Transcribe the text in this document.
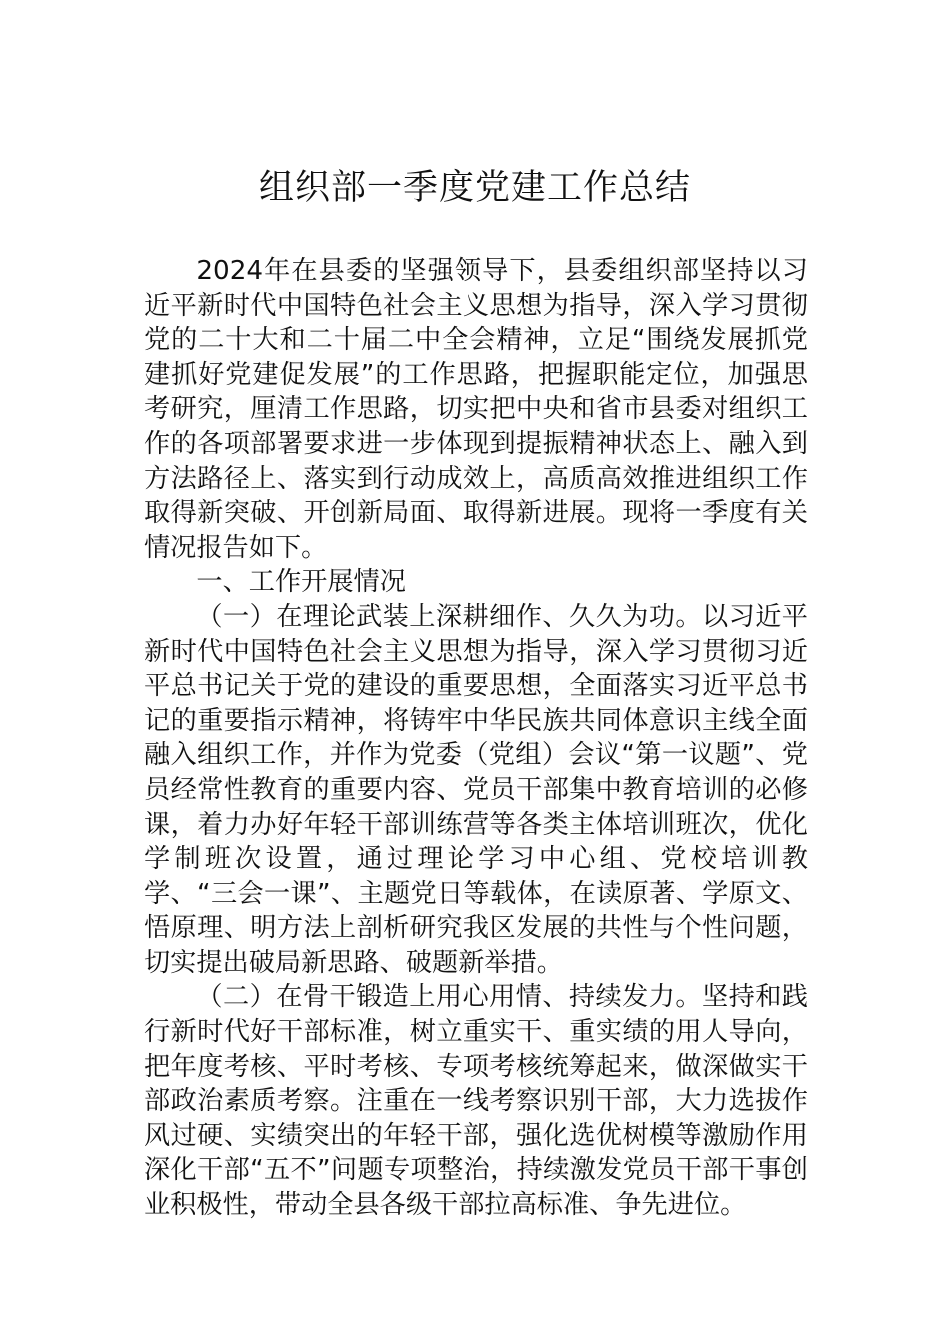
组织部一季度党建工作总结

2024年在县委的坚强领导下，县委组织部坚持以习近平新时代中国特色社会主义思想为指导，深入学习贯彻党的二十大和二十届二中全会精神，立足“围绕发展抓党建抓好党建促发展”的工作思路，把握职能定位，加强思考研究，厘清工作思路，切实把中央和省市县委对组织工作的各项部署要求进一步体现到提振精神状态上、融入到方法路径上、落实到行动成效上，高质高效推进组织工作取得新突破、开创新局面、取得新进展。现将一季度有关情况报告如下。

一、工作开展情况

（一）在理论武装上深耕细作、久久为功。以习近平新时代中国特色社会主义思想为指导，深入学习贯彻习近平总书记关于党的建设的重要思想，全面落实习近平总书记的重要指示精神，将铸牢中华民族共同体意识主线全面融入组织工作，并作为党委（党组）会议“第一议题”、党员经常性教育的重要内容、党员干部集中教育培训的必修课，着力办好年轻干部训练营等各类主体培训班次，优化学制班次设置，通过理论学习中心组、党校培训教学、“三会一课”、主题党日等载体，在读原著、学原文、悟原理、明方法上剖析研究我区发展的共性与个性问题，切实提出破局新思路、破题新举措。

（二）在骨干锻造上用心用情、持续发力。坚持和践行新时代好干部标准，树立重实干、重实绩的用人导向，把年度考核、平时考核、专项考核统筹起来，做深做实干部政治素质考察。注重在一线考察识别干部，大力选拔作风过硬、实绩突出的年轻干部，强化选优树模等激励作用深化干部“五不”问题专项整治，持续激发党员干部干事创业积极性，带动全县各级干部拉高标准、争先进位。
